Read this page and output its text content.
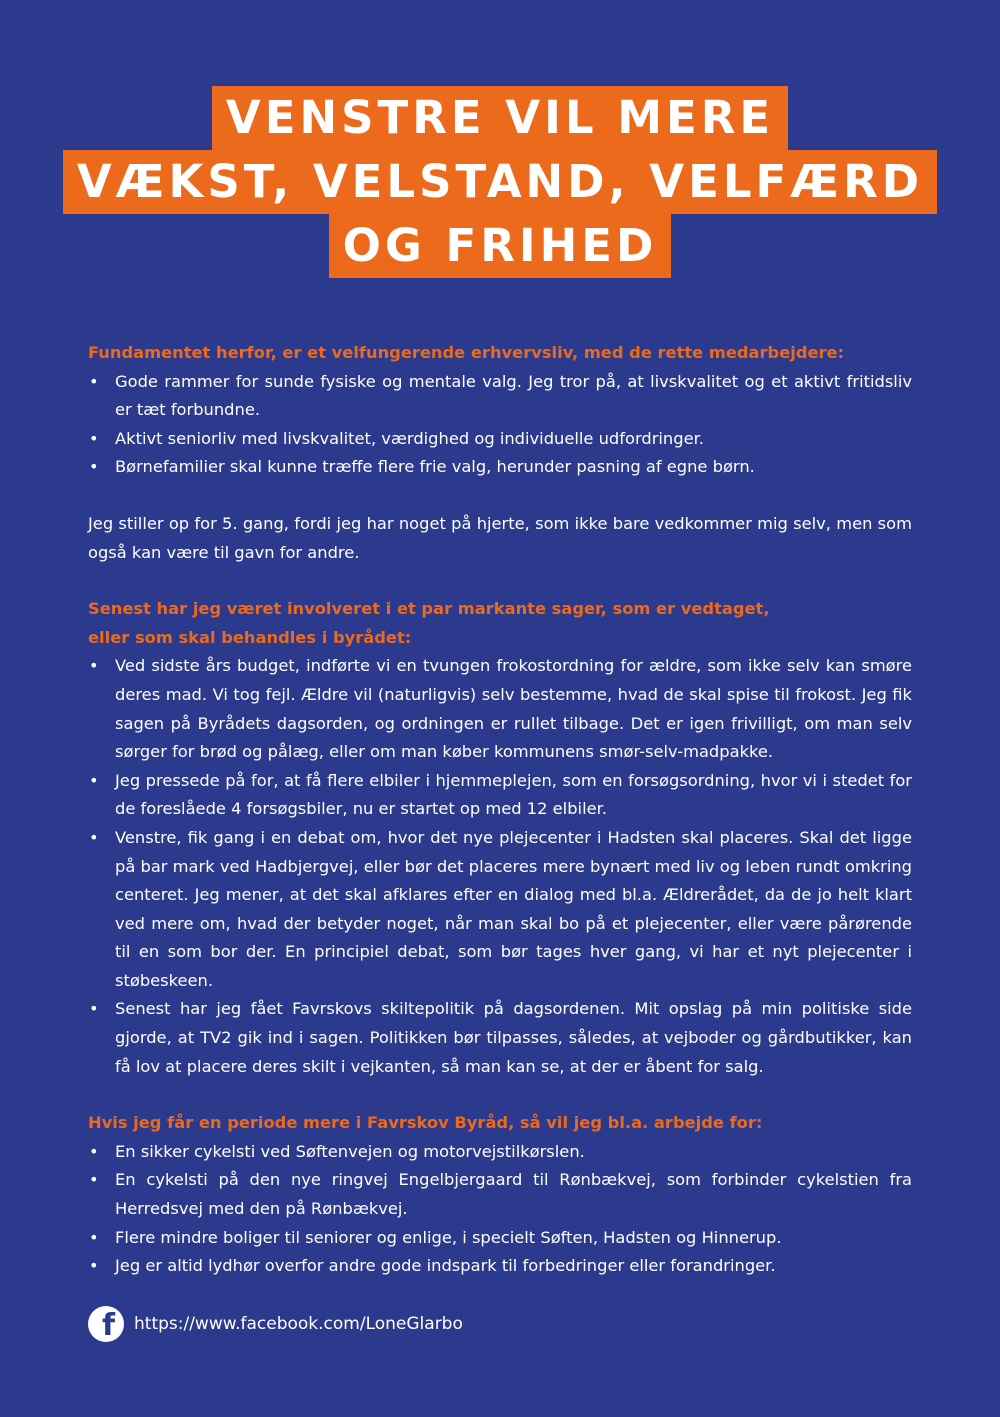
VENSTRE VIL MERE
VÆKST, VELSTAND, VELFÆRD
OG FRIHED

Fundamentet herfor, er et velfungerende erhvervsliv, med de rette medarbejdere:

• Gode rammer for sunde fysiske og mentale valg. Jeg tror på, at livskvalitet og et aktivt fritidsliv er tæt forbundne.
• Aktivt seniorliv med livskvalitet, værdighed og individuelle udfordringer.
• Børnefamilier skal kunne træffe flere frie valg, herunder pasning af egne børn.

Jeg stiller op for 5. gang, fordi jeg har noget på hjerte, som ikke bare vedkommer mig selv, men som også kan være til gavn for andre.

Senest har jeg været involveret i et par markante sager, som er vedtaget,

eller som skal behandles i byrådet:

• Ved sidste års budget, indførte vi en tvungen frokostordning for ældre, som ikke selv kan smøre deres mad. Vi tog fejl. Ældre vil (naturligvis) selv bestemme, hvad de skal spise til frokost. Jeg fik sagen på Byrådets dagsorden, og ordningen er rullet tilbage. Det er igen frivilligt, om man selv sørger for brød og pålæg, eller om man køber kommunens smør-selv-madpakke.
• Jeg pressede på for, at få flere elbiler i hjemmeplejen, som en forsøgsordning, hvor vi i stedet for de foreslåede 4 forsøgsbiler, nu er startet op med 12 elbiler.
• Venstre, fik gang i en debat om, hvor det nye plejecenter i Hadsten skal placeres. Skal det ligge på bar mark ved Hadbjergvej, eller bør det placeres mere bynært med liv og leben rundt omkring centeret. Jeg mener, at det skal afklares efter en dialog med bl.a. Ældrerådet, da de jo helt klart ved mere om, hvad der betyder noget, når man skal bo på et plejecenter, eller være pårørende til en som bor der. En principiel debat, som bør tages hver gang, vi har et nyt plejecenter i støbeskeen.
• Senest har jeg fået Favrskovs skiltepolitik på dagsordenen. Mit opslag på min politiske side gjorde, at TV2 gik ind i sagen. Politikken bør tilpasses, således, at vejboder og gårdbutikker, kan få lov at placere deres skilt i vejkanten, så man kan se, at der er åbent for salg.

Hvis jeg får en periode mere i Favrskov Byråd, så vil jeg bl.a. arbejde for:

• En sikker cykelsti ved Søftenvejen og motorvejstilkørslen.
• En cykelsti på den nye ringvej Engelbjergaard til Rønbækvej, som forbinder cykelstien fra Herredsvej med den på Rønbækvej.
• Flere mindre boliger til seniorer og enlige, i specielt Søften, Hadsten og Hinnerup.
• Jeg er altid lydhør overfor andre gode indspark til forbedringer eller forandringer.
f https://www.facebook.com/LoneGlarbo
